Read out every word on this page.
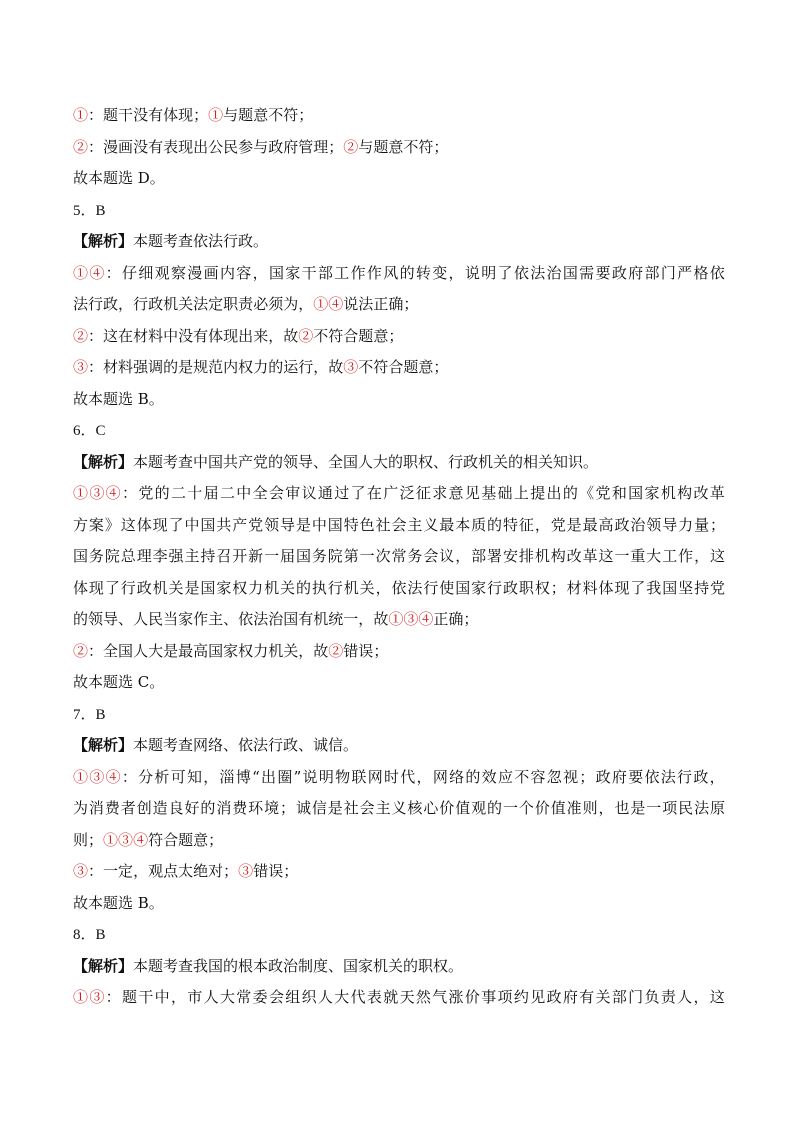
①：题干没有体现；①与题意不符；
②：漫画没有表现出公民参与政府管理；②与题意不符；
故本题选 D。
5．B
【解析】本题考查依法行政。
①④：仔细观察漫画内容，国家干部工作作风的转变，说明了依法治国需要政府部门严格依
法行政，行政机关法定职责必须为，①④说法正确；
②：这在材料中没有体现出来，故②不符合题意；
③：材料强调的是规范内权力的运行，故③不符合题意；
故本题选 B。
6．C
【解析】本题考查中国共产党的领导、全国人大的职权、行政机关的相关知识。
①③④：党的二十届二中全会审议通过了在广泛征求意见基础上提出的《党和国家机构改革
方案》这体现了中国共产党领导是中国特色社会主义最本质的特征，党是最高政治领导力量；
国务院总理李强主持召开新一届国务院第一次常务会议，部署安排机构改革这一重大工作，这
体现了行政机关是国家权力机关的执行机关，依法行使国家行政职权；材料体现了我国坚持党
的领导、人民当家作主、依法治国有机统一，故①③④正确；
②：全国人大是最高国家权力机关，故②错误；
故本题选 C。
7．B
【解析】本题考查网络、依法行政、诚信。
①③④：分析可知，淄博“出圈”说明物联网时代，网络的效应不容忽视；政府要依法行政，
为消费者创造良好的消费环境；诚信是社会主义核心价值观的一个价值准则，也是一项民法原
则；①③④符合题意；
③：一定，观点太绝对；③错误；
故本题选 B。
8．B
【解析】本题考查我国的根本政治制度、国家机关的职权。
①③：题干中，市人大常委会组织人大代表就天然气涨价事项约见政府有关部门负责人，这
